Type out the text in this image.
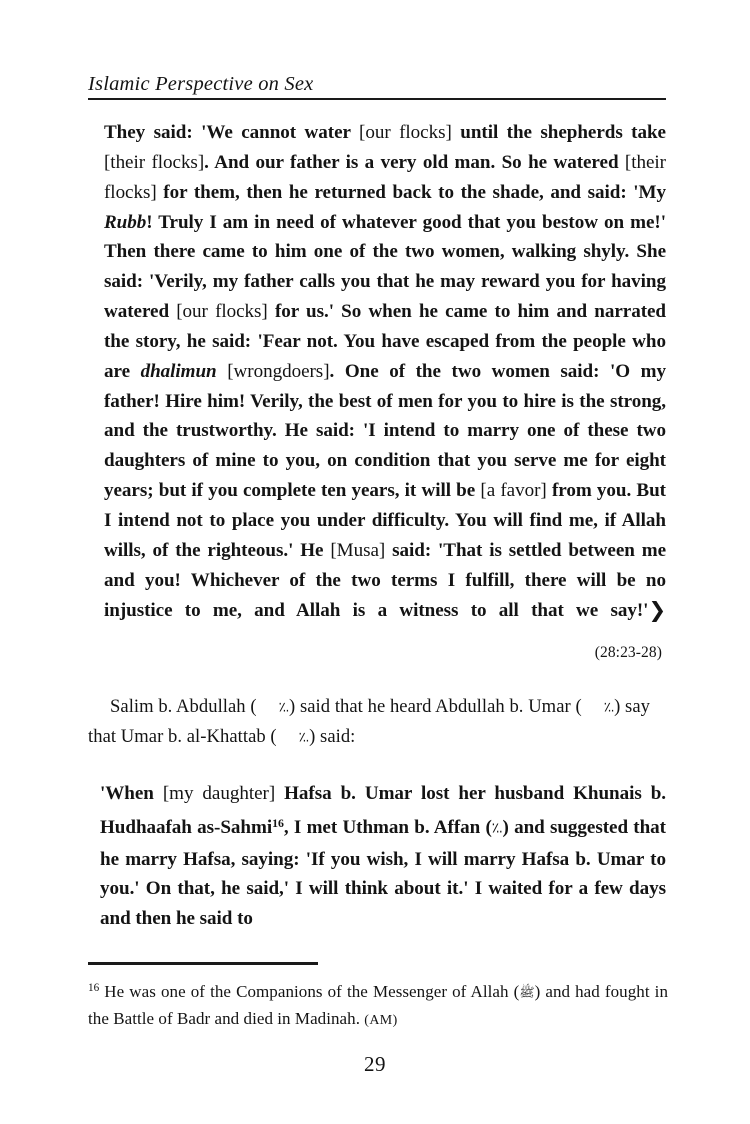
Islamic Perspective on Sex

They said: 'We cannot water [our flocks] until the shepherds take [their flocks]. And our father is a very old man. So he watered [their flocks] for them, then he returned back to the shade, and said: 'My Rubb! Truly I am in need of whatever good that you bestow on me!' Then there came to him one of the two women, walking shyly. She said: 'Verily, my father calls you that he may reward you for having watered [our flocks] for us.' So when he came to him and narrated the story, he said: 'Fear not. You have escaped from the people who are dhalimun [wrongdoers]. One of the two women said: 'O my father! Hire him! Verily, the best of men for you to hire is the strong, and the trustworthy. He said: 'I intend to marry one of these two daughters of mine to you, on condition that you serve me for eight years; but if you complete ten years, it will be [a favor] from you. But I intend not to place you under difficulty. You will find me, if Allah wills, of the righteous.' He [Musa] said: 'That is settled between me and you! Whichever of the two terms I fulfill, there will be no injustice to me, and Allah is a witness to all that we say!'❯

(28:23-28)

Salim b. Abdullah ( ؉) said that he heard Abdullah b. Umar ( ؉) say that Umar b. al-Khattab ( ؉) said:

'When [my daughter] Hafsa b. Umar lost her husband Khunais b. Hudhaafah as-Sahmi$^{16}$, I met Uthman b. Affan (؉) and suggested that he marry Hafsa, saying: 'If you wish, I will marry Hafsa b. Umar to you.' On that, he said,' I will think about it.' I waited for a few days and then he said to

$^{16}$ He was one of the Companions of the Messenger of Allah (ﷺ) and had fought in the Battle of Badr and died in Madinah. (AM)

29
